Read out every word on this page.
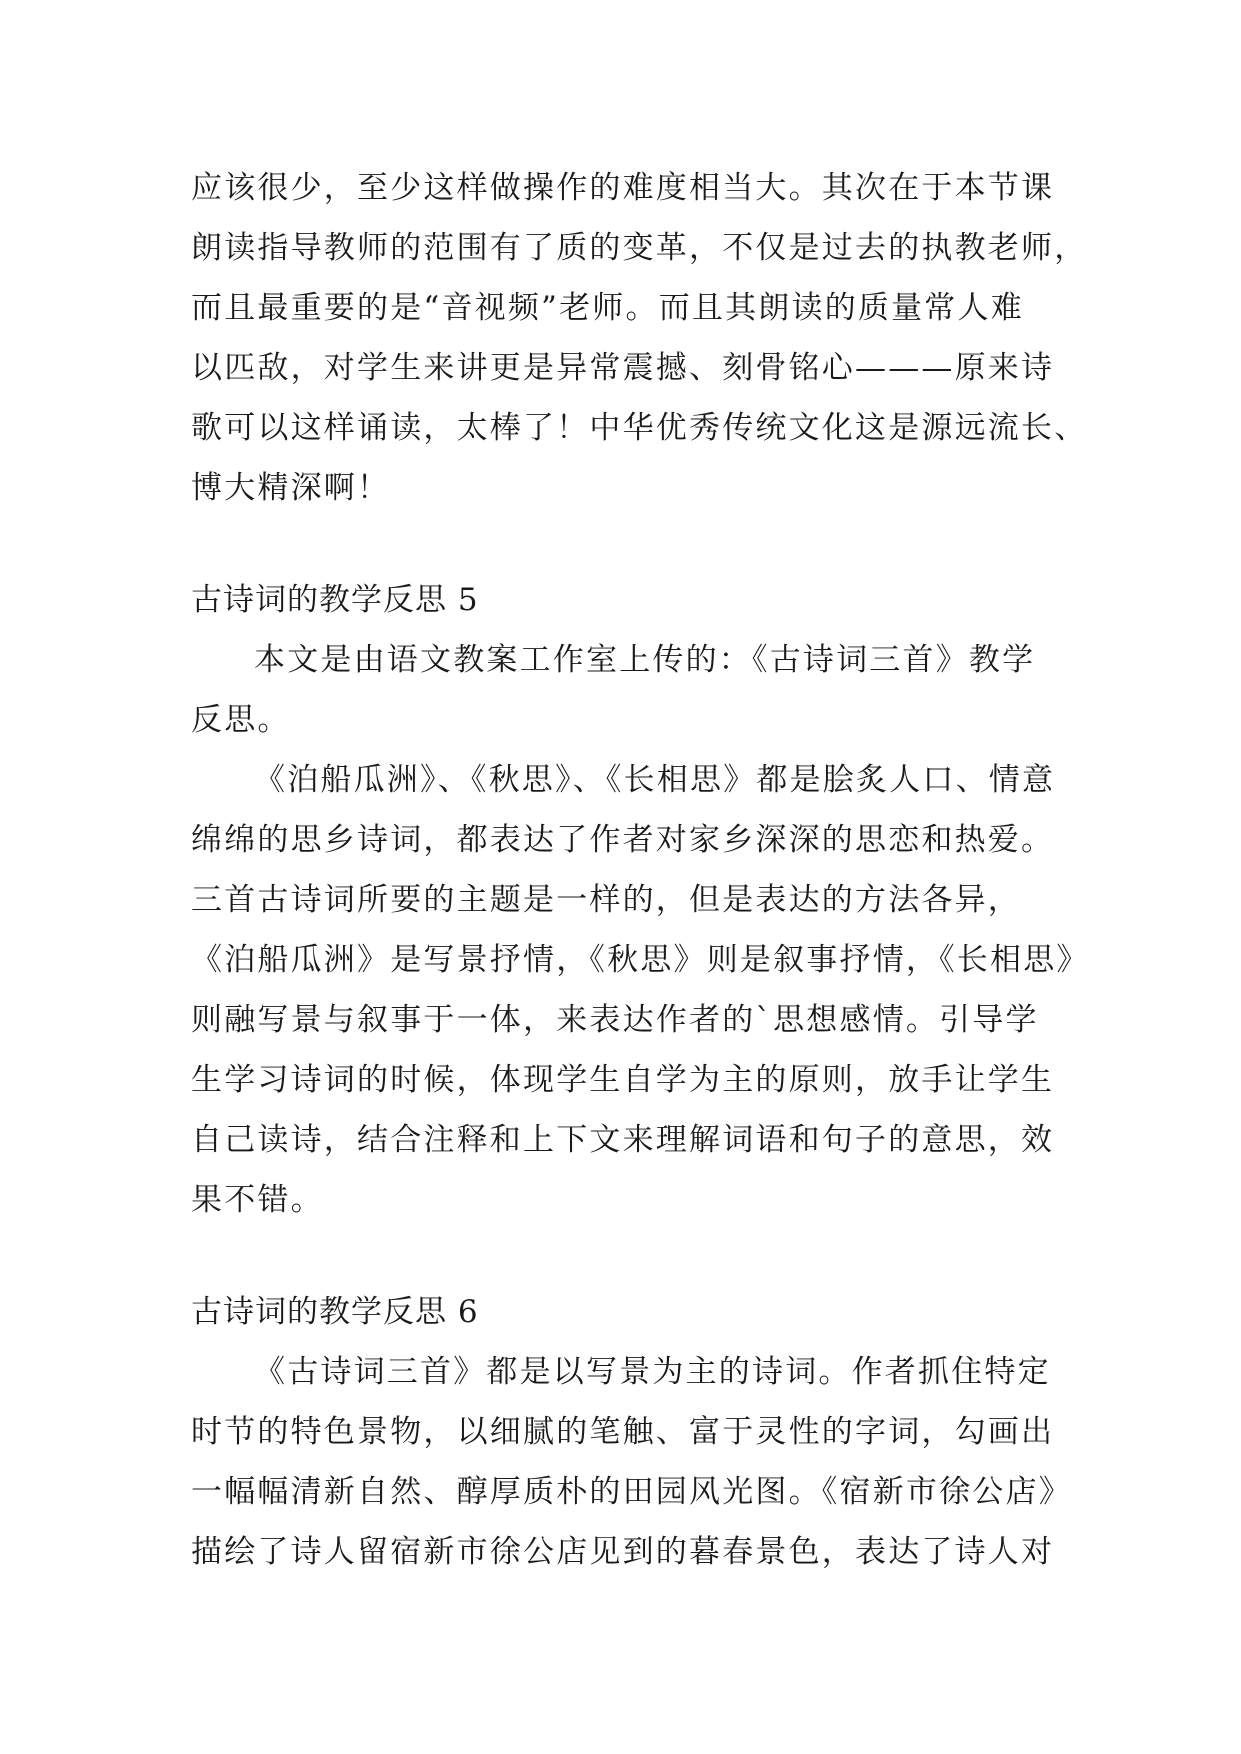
应该很少，至少这样做操作的难度相当大。其次在于本节课
朗读指导教师的范围有了质的变革，不仅是过去的执教老师，
而且最重要的是“音视频”老师。而且其朗读的质量常人难
以匹敌，对学生来讲更是异常震撼、刻骨铭心———原来诗
歌可以这样诵读，太棒了！中华优秀传统文化这是源远流长、
博大精深啊！
古诗词的教学反思 5
本文是由语文教案工作室上传的：《古诗词三首》教学
反思。
《泊船瓜洲》、《秋思》、《长相思》都是脍炙人口、情意
绵绵的思乡诗词，都表达了作者对家乡深深的思恋和热爱。
三首古诗词所要的主题是一样的，但是表达的方法各异，
《泊船瓜洲》是写景抒情，《秋思》则是叙事抒情，《长相思》
则融写景与叙事于一体，来表达作者的`思想感情。引导学
生学习诗词的时候，体现学生自学为主的原则，放手让学生
自己读诗，结合注释和上下文来理解词语和句子的意思，效
果不错。
古诗词的教学反思 6
《古诗词三首》都是以写景为主的诗词。作者抓住特定
时节的特色景物，以细腻的笔触、富于灵性的字词，勾画出
一幅幅清新自然、醇厚质朴的田园风光图。《宿新市徐公店》
描绘了诗人留宿新市徐公店见到的暮春景色，表达了诗人对
